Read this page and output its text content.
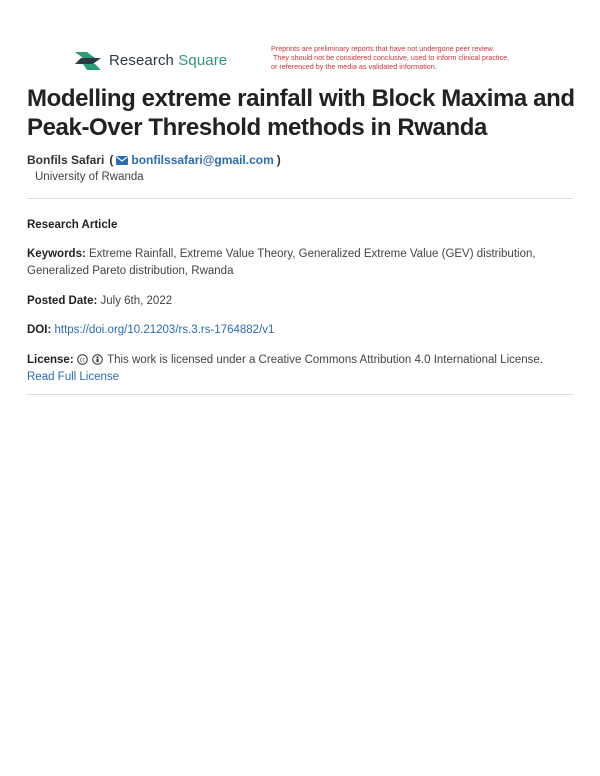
Research Square
Preprints are preliminary reports that have not undergone peer review.
They should not be considered conclusive, used to inform clinical practice,
or referenced by the media as validated information.
Modelling extreme rainfall with Block Maxima and
Peak-Over Threshold methods in Rwanda
Bonfils Safari ( bonfilssafari@gmail.com )
University of Rwanda
Research Article
Keywords: Extreme Rainfall, Extreme Value Theory, Generalized Extreme Value (GEV) distribution, Generalized Pareto distribution, Rwanda
Posted Date: July 6th, 2022
DOI: https://doi.org/10.21203/rs.3.rs-1764882/v1
License: cc This work is licensed under a Creative Commons Attribution 4.0 International License.
Read Full License
